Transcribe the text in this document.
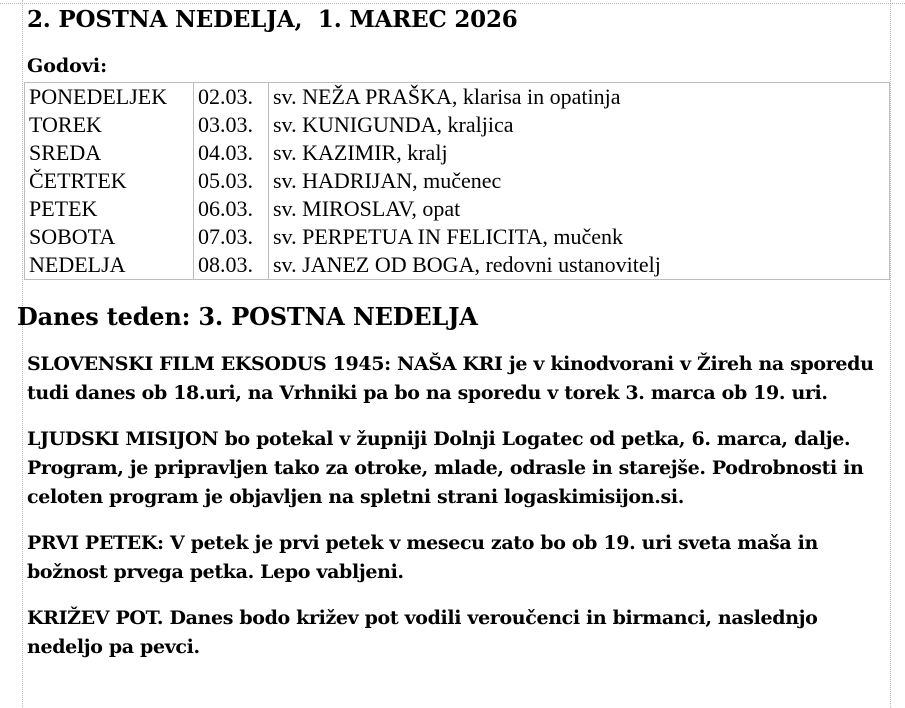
2. POSTNA NEDELJA,  1. MAREC 2026
Godovi:
PONEDELJEK	02.03.	sv. NEŽA PRAŠKA, klarisa in opatinja
TOREK	03.03.	sv. KUNIGUNDA, kraljica
SREDA	04.03.	sv. KAZIMIR, kralj
ČETRTEK	05.03.	sv. HADRIJAN, mučenec
PETEK	06.03.	sv. MIROSLAV, opat
SOBOTA	07.03.	sv. PERPETUA IN FELICITA, mučenk
NEDELJA	08.03.	sv. JANEZ OD BOGA, redovni ustanovitelj
Danes teden: 3. POSTNA NEDELJA

SLOVENSKI FILM EKSODUS 1945: NAŠA KRI je v kinodvorani v Žireh na sporedu tudi danes ob 18.uri, na Vrhniki pa bo na sporedu v torek 3. marca ob 19. uri.

LJUDSKI MISIJON bo potekal v župniji Dolnji Logatec od petka, 6. marca, dalje. Program, je pripravljen tako za otroke, mlade, odrasle in starejše. Podrobnosti in celoten program je objavljen na spletni strani logaskimisijon.si.

PRVI PETEK: V petek je prvi petek v mesecu zato bo ob 19. uri sveta maša in božnost prvega petka. Lepo vabljeni.

KRIŽEV POT. Danes bodo križev pot vodili veroučenci in birmanci, naslednjo nedeljo pa pevci.
